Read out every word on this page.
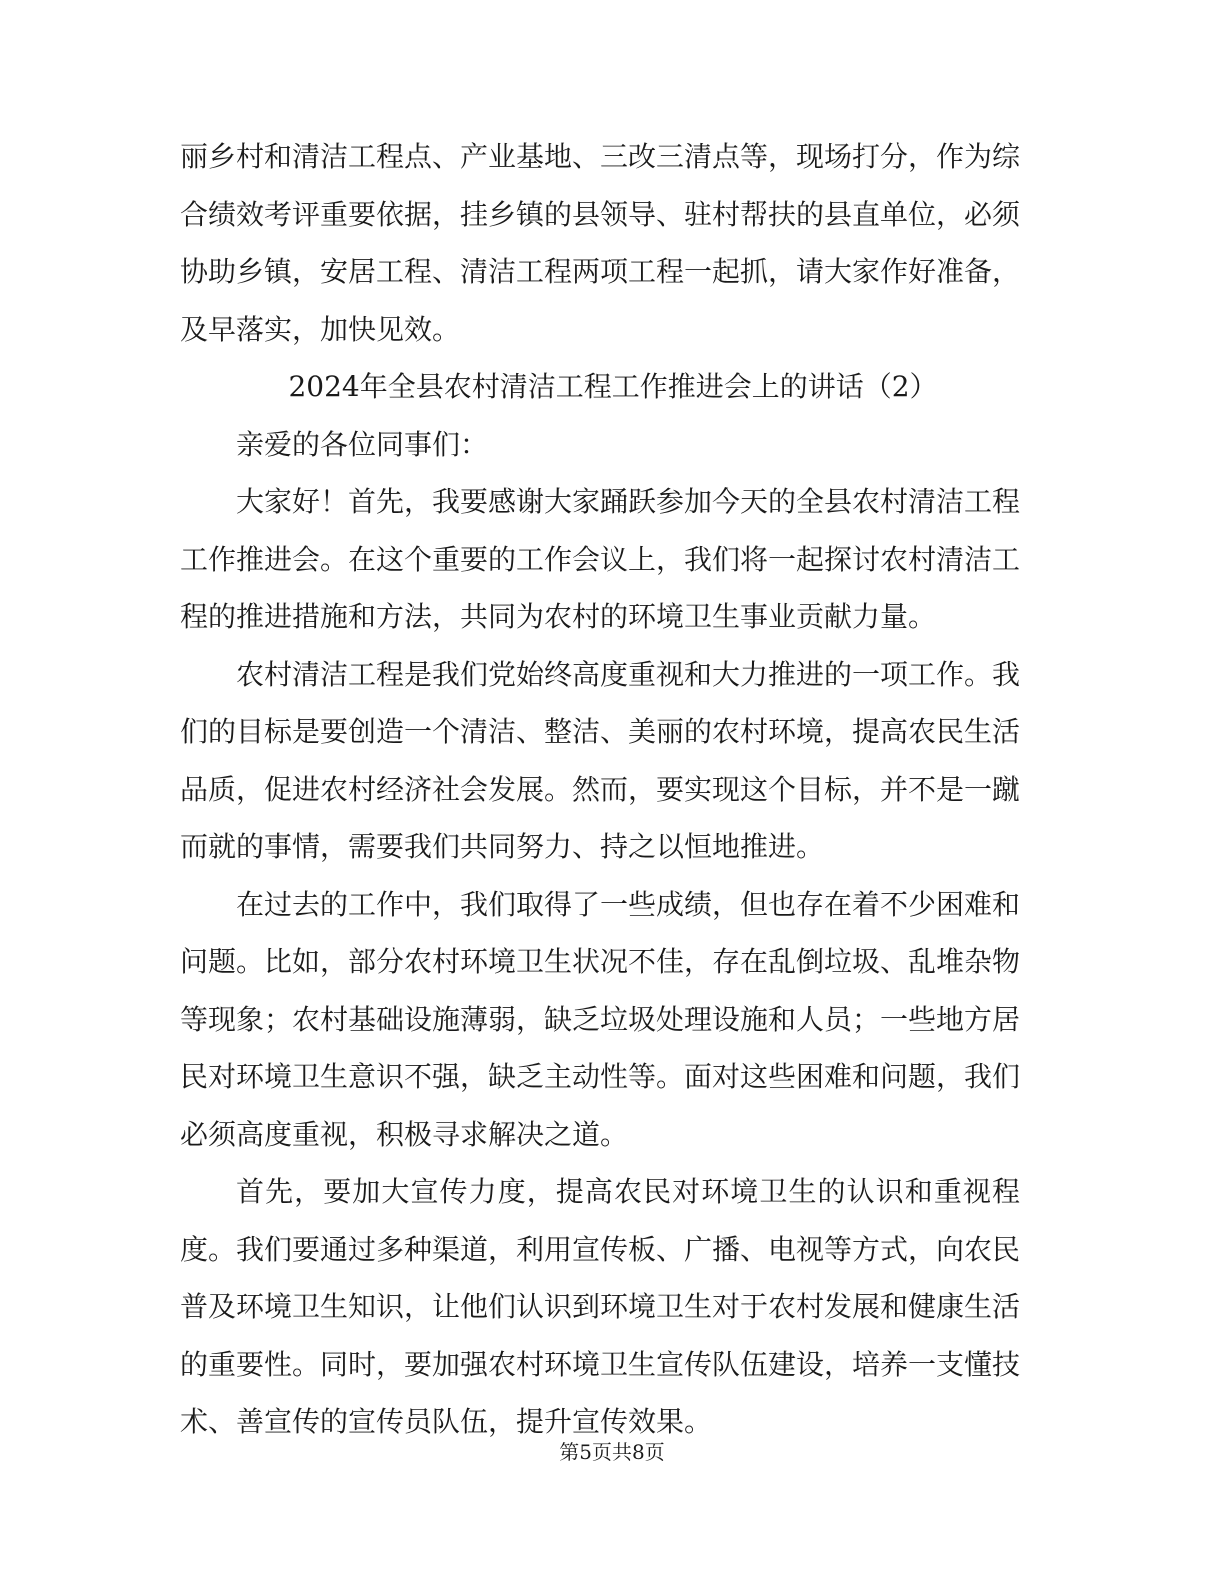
丽乡村和清洁工程点、产业基地、三改三清点等，现场打分，作为综合绩效考评重要依据，挂乡镇的县领导、驻村帮扶的县直单位，必须协助乡镇，安居工程、清洁工程两项工程一起抓，请大家作好准备，及早落实，加快见效。

2024年全县农村清洁工程工作推进会上的讲话（2）

亲爱的各位同事们：

大家好！首先，我要感谢大家踊跃参加今天的全县农村清洁工程工作推进会。在这个重要的工作会议上，我们将一起探讨农村清洁工程的推进措施和方法，共同为农村的环境卫生事业贡献力量。

农村清洁工程是我们党始终高度重视和大力推进的一项工作。我们的目标是要创造一个清洁、整洁、美丽的农村环境，提高农民生活品质，促进农村经济社会发展。然而，要实现这个目标，并不是一蹴而就的事情，需要我们共同努力、持之以恒地推进。

在过去的工作中，我们取得了一些成绩，但也存在着不少困难和问题。比如，部分农村环境卫生状况不佳，存在乱倒垃圾、乱堆杂物等现象；农村基础设施薄弱，缺乏垃圾处理设施和人员；一些地方居民对环境卫生意识不强，缺乏主动性等。面对这些困难和问题，我们必须高度重视，积极寻求解决之道。

首先，要加大宣传力度，提高农民对环境卫生的认识和重视程度。我们要通过多种渠道，利用宣传板、广播、电视等方式，向农民普及环境卫生知识，让他们认识到环境卫生对于农村发展和健康生活的重要性。同时，要加强农村环境卫生宣传队伍建设，培养一支懂技术、善宣传的宣传员队伍，提升宣传效果。

第5页共8页
